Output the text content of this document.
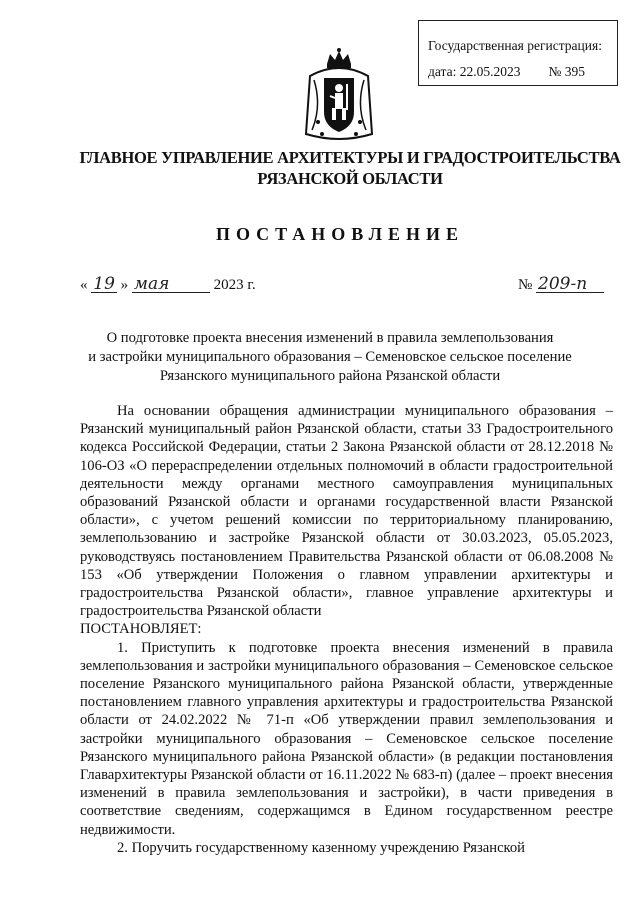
Государственная регистрация:
дата: 22.05.2023 № 395
ГЛАВНОЕ УПРАВЛЕНИЕ АРХИТЕКТУРЫ И ГРАДОСТРОИТЕЛЬСТВА
РЯЗАНСКОЙ ОБЛАСТИ
ПОСТАНОВЛЕНИЕ
« 19 » мая	2023 г.	№ 209-п
О подготовке проекта внесения изменений в правила землепользования
и застройки муниципального образования – Семеновское сельское поселение
Рязанского муниципального района Рязанской области

На основании обращения администрации муниципального образования – Рязанский муниципальный район Рязанской области, статьи 33 Градостроительного кодекса Российской Федерации, статьи 2 Закона Рязанской области от 28.12.2018 № 106-ОЗ «О перераспределении отдельных полномочий в области градостроительной деятельности между органами местного самоуправления муниципальных образований Рязанской области и органами государственной власти Рязанской области», с учетом решений комиссии по территориальному планированию, землепользованию и застройке Рязанской области от 30.03.2023, 05.05.2023, руководствуясь постановлением Правительства Рязанской области от 06.08.2008 № 153 «Об утверждении Положения о главном управлении архитектуры и градостроительства Рязанской области», главное управление архитектуры и градостроительства Рязанской области

ПОСТАНОВЛЯЕТ:

1. Приступить к подготовке проекта внесения изменений в правила землепользования и застройки муниципального образования – Семеновское сельское поселение Рязанского муниципального района Рязанской области, утвержденные постановлением главного управления архитектуры и градостроительства Рязанской области от 24.02.2022 № 71-п «Об утверждении правил землепользования и застройки муниципального образования – Семеновское сельское поселение Рязанского муниципального района Рязанской области» (в редакции постановления Главархитектуры Рязанской области от 16.11.2022 № 683-п) (далее – проект внесения изменений в правила землепользования и застройки), в части приведения в соответствие сведениям, содержащимся в Едином государственном реестре недвижимости.

2. Поручить государственному казенному учреждению Рязанской
